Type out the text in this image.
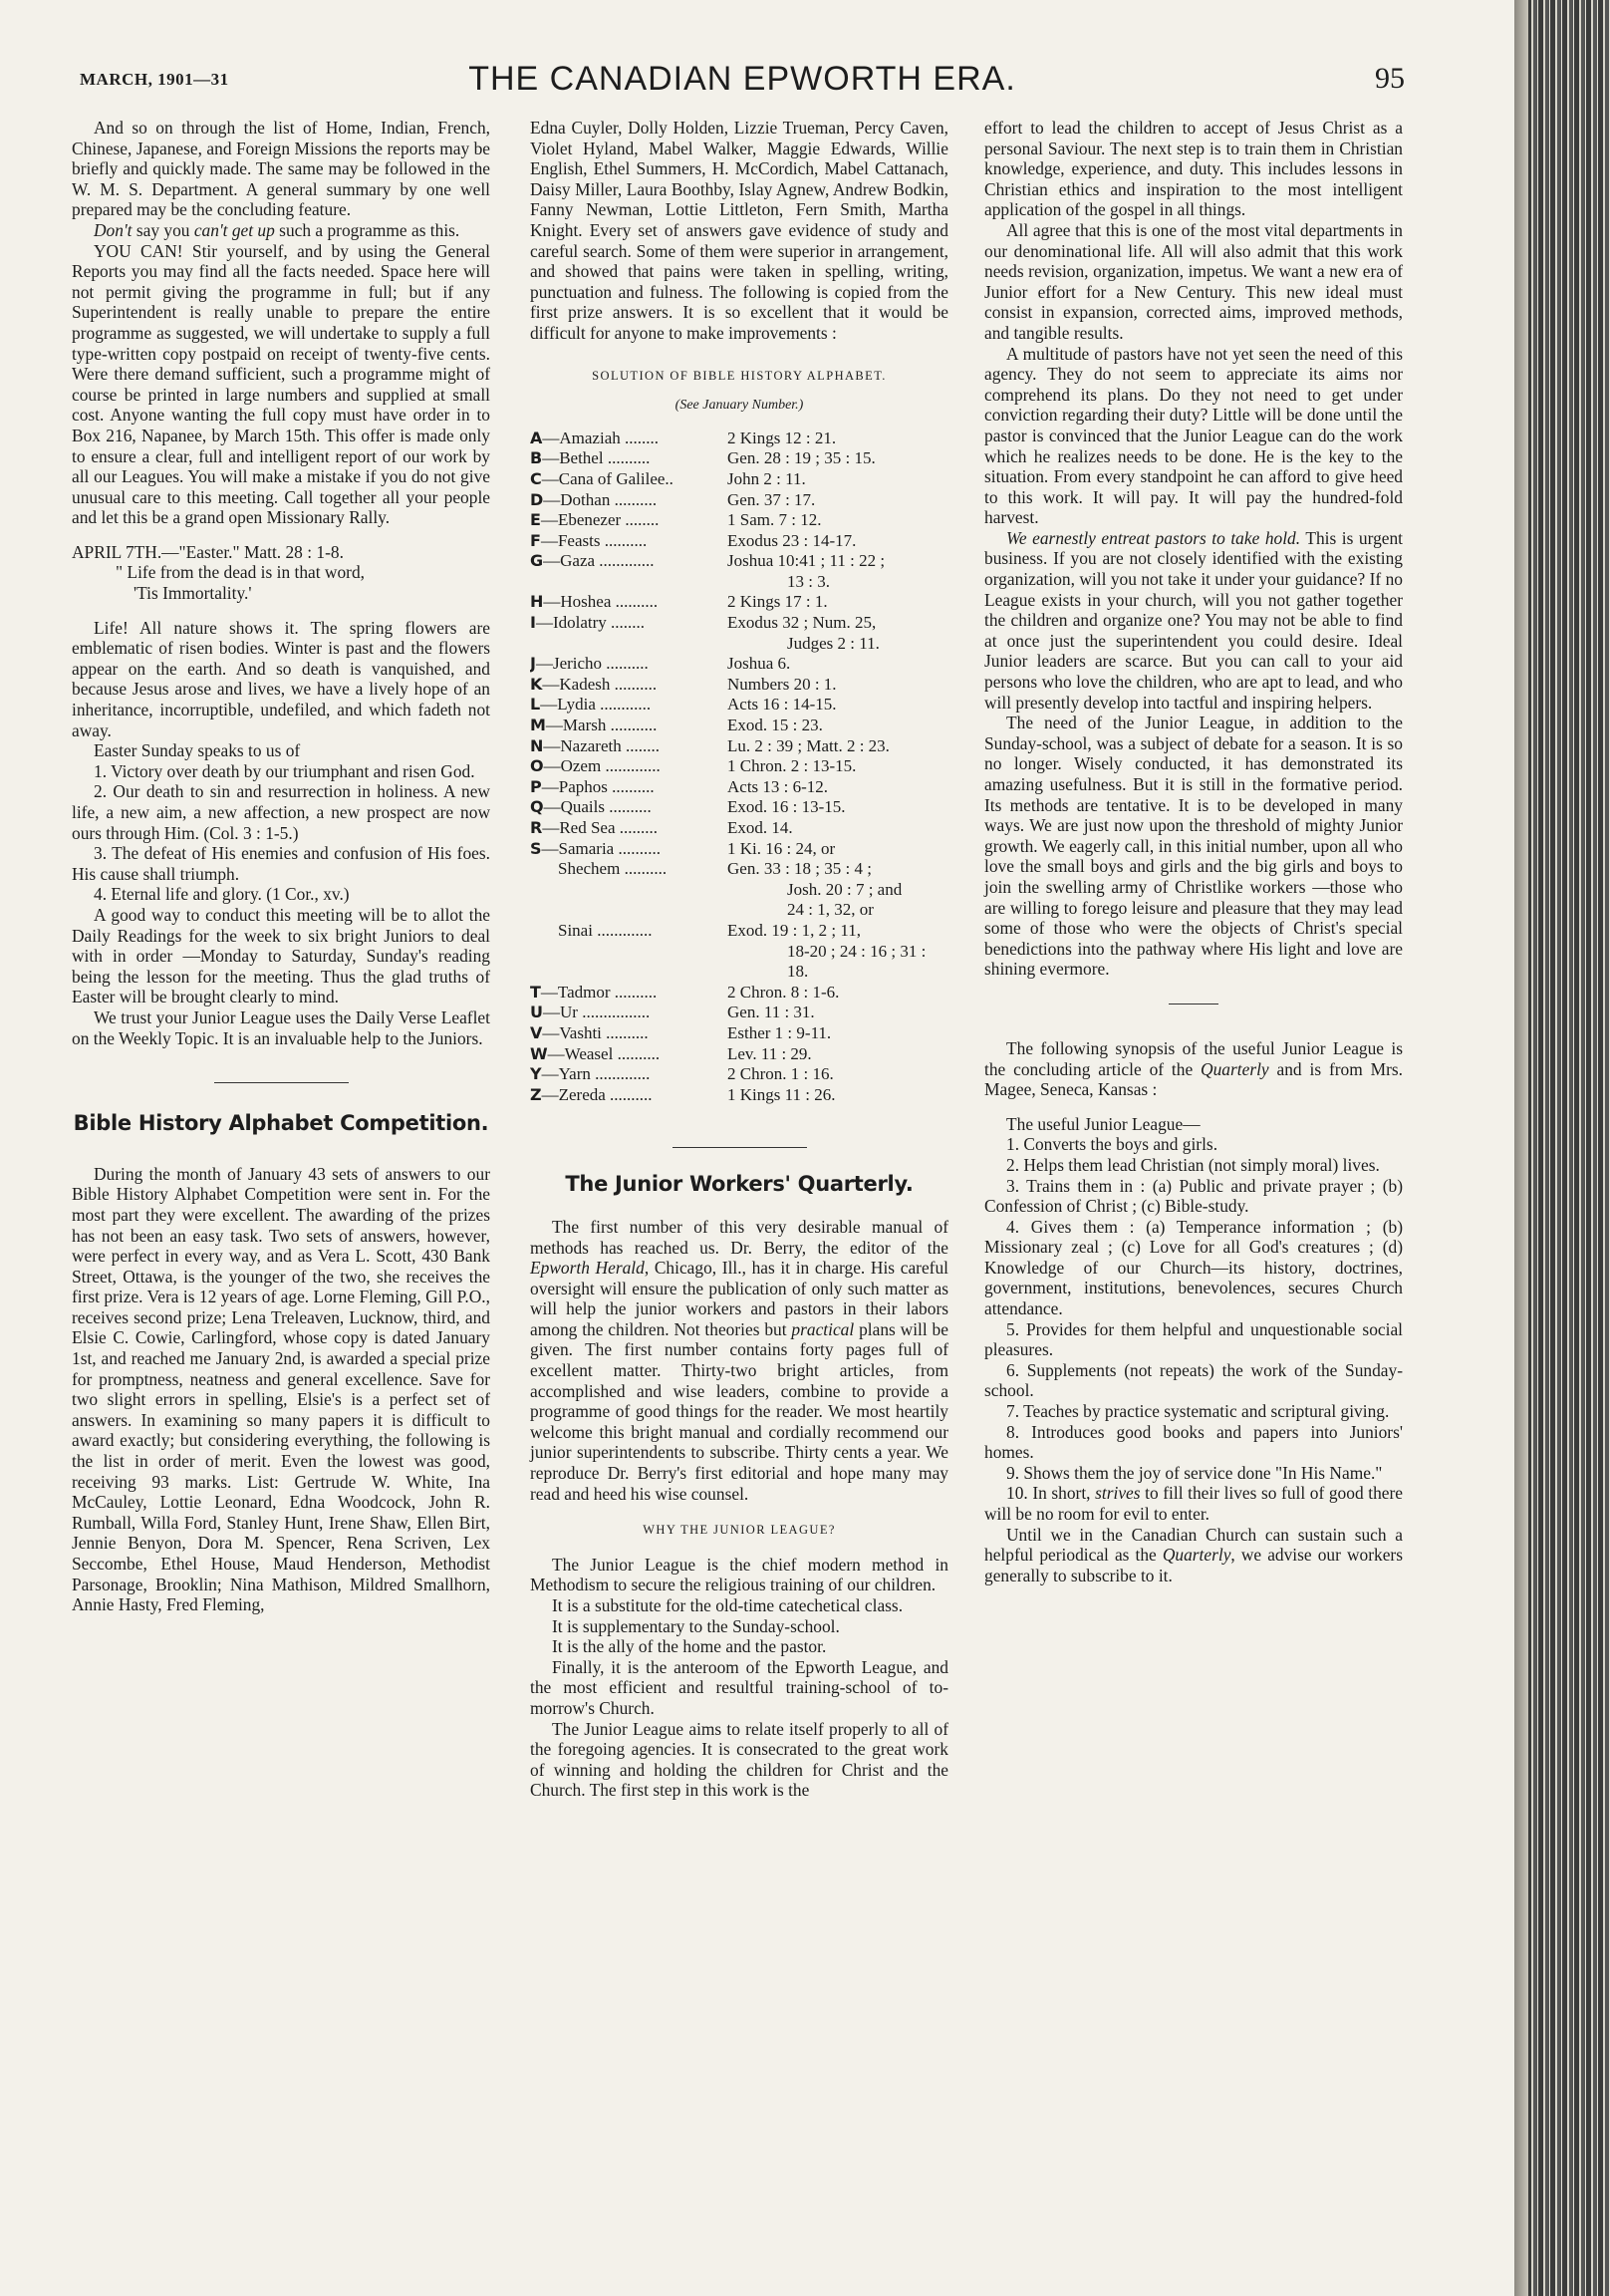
MARCH, 1901—31	THE CANADIAN EPWORTH ERA.	95

And so on through the list of Home, Indian, French, Chinese, Japanese, and Foreign Missions the reports may be briefly and quickly made. The same may be followed in the W. M. S. Department. A general summary by one well prepared may be the concluding feature.

Don't say you can't get up such a programme as this.

YOU CAN! Stir yourself, and by using the General Reports you may find all the facts needed. Space here will not permit giving the programme in full; but if any Superintendent is really unable to prepare the entire programme as suggested, we will undertake to supply a full type-written copy postpaid on receipt of twenty-five cents. Were there demand sufficient, such a programme might of course be printed in large numbers and supplied at small cost. Anyone wanting the full copy must have order in to Box 216, Napanee, by March 15th. This offer is made only to ensure a clear, full and intelligent report of our work by all our Leagues. You will make a mistake if you do not give unusual care to this meeting. Call together all your people and let this be a grand open Missionary Rally.

APRIL 7TH.—"Easter." Matt. 28 : 1-8.

" Life from the dead is in that word,

'Tis Immortality.'

Life! All nature shows it. The spring flowers are emblematic of risen bodies. Winter is past and the flowers appear on the earth. And so death is vanquished, and because Jesus arose and lives, we have a lively hope of an inheritance, incorruptible, undefiled, and which fadeth not away.

Easter Sunday speaks to us of

1. Victory over death by our triumphant and risen God.

2. Our death to sin and resurrection in holiness. A new life, a new aim, a new affection, a new prospect are now ours through Him. (Col. 3 : 1-5.)

3. The defeat of His enemies and confusion of His foes. His cause shall triumph.

4. Eternal life and glory. (1 Cor., xv.)

A good way to conduct this meeting will be to allot the Daily Readings for the week to six bright Juniors to deal with in order —Monday to Saturday, Sunday's reading being the lesson for the meeting. Thus the glad truths of Easter will be brought clearly to mind.

We trust your Junior League uses the Daily Verse Leaflet on the Weekly Topic. It is an invaluable help to the Juniors.

Bible History Alphabet Competition.

During the month of January 43 sets of answers to our Bible History Alphabet Competition were sent in. For the most part they were excellent. The awarding of the prizes has not been an easy task. Two sets of answers, however, were perfect in every way, and as Vera L. Scott, 430 Bank Street, Ottawa, is the younger of the two, she receives the first prize. Vera is 12 years of age. Lorne Fleming, Gill P.O., receives second prize; Lena Treleaven, Lucknow, third, and Elsie C. Cowie, Carlingford, whose copy is dated January 1st, and reached me January 2nd, is awarded a special prize for promptness, neatness and general excellence. Save for two slight errors in spelling, Elsie's is a perfect set of answers. In examining so many papers it is difficult to award exactly; but considering everything, the following is the list in order of merit. Even the lowest was good, receiving 93 marks. List: Gertrude W. White, Ina McCauley, Lottie Leonard, Edna Woodcock, John R. Rumball, Willa Ford, Stanley Hunt, Irene Shaw, Ellen Birt, Jennie Benyon, Dora M. Spencer, Rena Scriven, Lex Seccombe, Ethel House, Maud Henderson, Methodist Parsonage, Brooklin; Nina Mathison, Mildred Smallhorn, Annie Hasty, Fred Fleming,

Edna Cuyler, Dolly Holden, Lizzie Trueman, Percy Caven, Violet Hyland, Mabel Walker, Maggie Edwards, Willie English, Ethel Summers, H. McCordich, Mabel Cattanach, Daisy Miller, Laura Boothby, Islay Agnew, Andrew Bodkin, Fanny Newman, Lottie Littleton, Fern Smith, Martha Knight. Every set of answers gave evidence of study and careful search. Some of them were superior in arrangement, and showed that pains were taken in spelling, writing, punctuation and fulness. The following is copied from the first prize answers. It is so excellent that it would be difficult for anyone to make improvements :

SOLUTION OF BIBLE HISTORY ALPHABET.
(See January Number.)
A—Amaziah ........	2 Kings 12 : 21.
B—Bethel ..........	Gen. 28 : 19 ; 35 : 15.
C—Cana of Galilee..	John 2 : 11.
D—Dothan ..........	Gen. 37 : 17.
E—Ebenezer ........	1 Sam. 7 : 12.
F—Feasts ..........	Exodus 23 : 14-17.
G—Gaza .............	Joshua 10:41 ; 11 : 22 ;
	13 : 3.
H—Hoshea ..........	2 Kings 17 : 1.
I—Idolatry ........	Exodus 32 ; Num. 25,
	Judges 2 : 11.
J—Jericho ..........	Joshua 6.
K—Kadesh ..........	Numbers 20 : 1.
L—Lydia ............	Acts 16 : 14-15.
M—Marsh ...........	Exod. 15 : 23.
N—Nazareth ........	Lu. 2 : 39 ; Matt. 2 : 23.
O—Ozem .............	1 Chron. 2 : 13-15.
P—Paphos ..........	Acts 13 : 6-12.
Q—Quails ..........	Exod. 16 : 13-15.
R—Red Sea .........	Exod. 14.
S—Samaria ..........	1 Ki. 16 : 24, or
Shechem ..........	Gen. 33 : 18 ; 35 : 4 ;
	Josh. 20 : 7 ; and
	24 : 1, 32, or
Sinai .............	Exod. 19 : 1, 2 ; 11,
	18-20 ; 24 : 16 ; 31 :
	18.
T—Tadmor ..........	2 Chron. 8 : 1-6.
U—Ur ................	Gen. 11 : 31.
V—Vashti ..........	Esther 1 : 9-11.
W—Weasel ..........	Lev. 11 : 29.
Y—Yarn .............	2 Chron. 1 : 16.
Z—Zereda ..........	1 Kings 11 : 26.
The Junior Workers' Quarterly.

The first number of this very desirable manual of methods has reached us. Dr. Berry, the editor of the Epworth Herald, Chicago, Ill., has it in charge. His careful oversight will ensure the publication of only such matter as will help the junior workers and pastors in their labors among the children. Not theories but practical plans will be given. The first number contains forty pages full of excellent matter. Thirty-two bright articles, from accomplished and wise leaders, combine to provide a programme of good things for the reader. We most heartily welcome this bright manual and cordially recommend our junior superintendents to subscribe. Thirty cents a year. We reproduce Dr. Berry's first editorial and hope many may read and heed his wise counsel.

WHY THE JUNIOR LEAGUE?

The Junior League is the chief modern method in Methodism to secure the religious training of our children.

It is a substitute for the old-time catechetical class.

It is supplementary to the Sunday-school.

It is the ally of the home and the pastor.

Finally, it is the anteroom of the Epworth League, and the most efficient and resultful training-school of to-morrow's Church.

The Junior League aims to relate itself properly to all of the foregoing agencies. It is consecrated to the great work of winning and holding the children for Christ and the Church. The first step in this work is the

effort to lead the children to accept of Jesus Christ as a personal Saviour. The next step is to train them in Christian knowledge, experience, and duty. This includes lessons in Christian ethics and inspiration to the most intelligent application of the gospel in all things.

All agree that this is one of the most vital departments in our denominational life. All will also admit that this work needs revision, organization, impetus. We want a new era of Junior effort for a New Century. This new ideal must consist in expansion, corrected aims, improved methods, and tangible results.

A multitude of pastors have not yet seen the need of this agency. They do not seem to appreciate its aims nor comprehend its plans. Do they not need to get under conviction regarding their duty? Little will be done until the pastor is convinced that the Junior League can do the work which he realizes needs to be done. He is the key to the situation. From every standpoint he can afford to give heed to this work. It will pay. It will pay the hundred-fold harvest.

We earnestly entreat pastors to take hold. This is urgent business. If you are not closely identified with the existing organization, will you not take it under your guidance? If no League exists in your church, will you not gather together the children and organize one? You may not be able to find at once just the superintendent you could desire. Ideal Junior leaders are scarce. But you can call to your aid persons who love the children, who are apt to lead, and who will presently develop into tactful and inspiring helpers.

The need of the Junior League, in addition to the Sunday-school, was a subject of debate for a season. It is so no longer. Wisely conducted, it has demonstrated its amazing usefulness. But it is still in the formative period. Its methods are tentative. It is to be developed in many ways. We are just now upon the threshold of mighty Junior growth. We eagerly call, in this initial number, upon all who love the small boys and girls and the big girls and boys to join the swelling army of Christlike workers —those who are willing to forego leisure and pleasure that they may lead some of those who were the objects of Christ's special benedictions into the pathway where His light and love are shining evermore.

The following synopsis of the useful Junior League is the concluding article of the Quarterly and is from Mrs. Magee, Seneca, Kansas :

The useful Junior League—

1. Converts the boys and girls.

2. Helps them lead Christian (not simply moral) lives.

3. Trains them in : (a) Public and private prayer ; (b) Confession of Christ ; (c) Bible-study.

4. Gives them : (a) Temperance information ; (b) Missionary zeal ; (c) Love for all God's creatures ; (d) Knowledge of our Church—its history, doctrines, government, institutions, benevolences, secures Church attendance.

5. Provides for them helpful and unquestionable social pleasures.

6. Supplements (not repeats) the work of the Sunday-school.

7. Teaches by practice systematic and scriptural giving.

8. Introduces good books and papers into Juniors' homes.

9. Shows them the joy of service done "In His Name."

10. In short, strives to fill their lives so full of good there will be no room for evil to enter.

Until we in the Canadian Church can sustain such a helpful periodical as the Quarterly, we advise our workers generally to subscribe to it.
